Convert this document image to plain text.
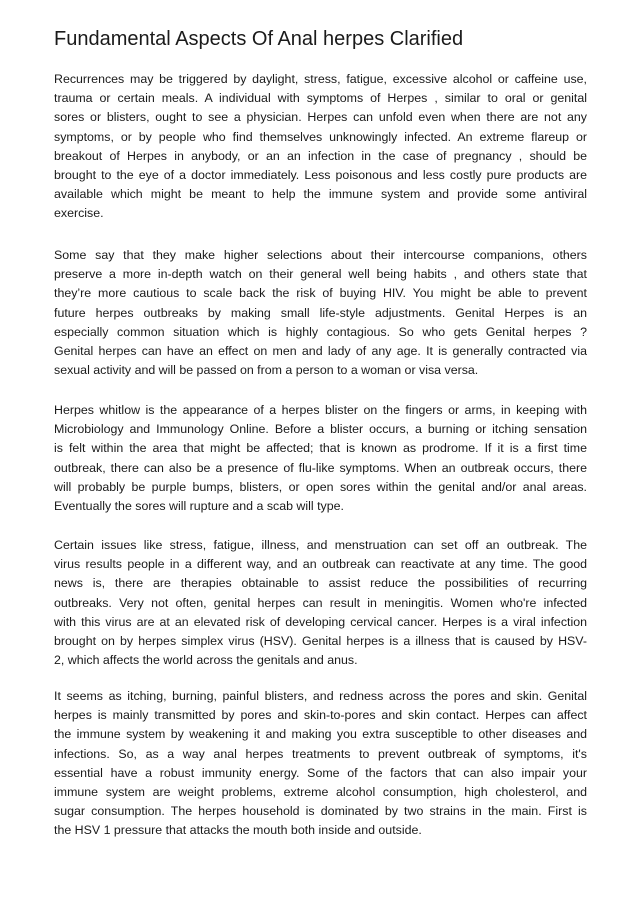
Fundamental Aspects Of Anal herpes Clarified
Recurrences may be triggered by daylight, stress, fatigue, excessive alcohol or caffeine use,
trauma or certain meals. A individual with symptoms of Herpes , similar to oral or genital
sores or blisters, ought to see a physician. Herpes can unfold even when there are not any
symptoms, or by people who find themselves unknowingly infected. An extreme flareup or
breakout of Herpes in anybody, or an an infection in the case of pregnancy , should be
brought to the eye of a doctor immediately. Less poisonous and less costly pure products are
available which might be meant to help the immune system and provide some antiviral
exercise.
Some say that they make higher selections about their intercourse companions, others
preserve a more in-depth watch on their general well being habits , and others state that
they’re more cautious to scale back the risk of buying HIV. You might be able to prevent
future herpes outbreaks by making small life-style adjustments. Genital Herpes is an
especially common situation which is highly contagious. So who gets Genital herpes ?
Genital herpes can have an effect on men and lady of any age. It is generally contracted via
sexual activity and will be passed on from a person to a woman or visa versa.
Herpes whitlow is the appearance of a herpes blister on the fingers or arms, in keeping with
Microbiology and Immunology Online. Before a blister occurs, a burning or itching sensation
is felt within the area that might be affected; that is known as prodrome. If it is a first time
outbreak, there can also be a presence of flu-like symptoms. When an outbreak occurs, there
will probably be purple bumps, blisters, or open sores within the genital and/or anal areas.
Eventually the sores will rupture and a scab will type.
Certain issues like stress, fatigue, illness, and menstruation can set off an outbreak. The
virus results people in a different way, and an outbreak can reactivate at any time. The good
news is, there are therapies obtainable to assist reduce the possibilities of recurring
outbreaks. Very not often, genital herpes can result in meningitis. Women who're infected
with this virus are at an elevated risk of developing cervical cancer. Herpes is a viral infection
brought on by herpes simplex virus (HSV). Genital herpes is a illness that is caused by HSV-
2, which affects the world across the genitals and anus.
It seems as itching, burning, painful blisters, and redness across the pores and skin. Genital
herpes is mainly transmitted by pores and skin-to-pores and skin contact. Herpes can affect
the immune system by weakening it and making you extra susceptible to other diseases and
infections. So, as a way anal herpes treatments to prevent outbreak of symptoms, it's
essential have a robust immunity energy. Some of the factors that can also impair your
immune system are weight problems, extreme alcohol consumption, high cholesterol, and
sugar consumption. The herpes household is dominated by two strains in the main. First is
the HSV 1 pressure that attacks the mouth both inside and outside.
